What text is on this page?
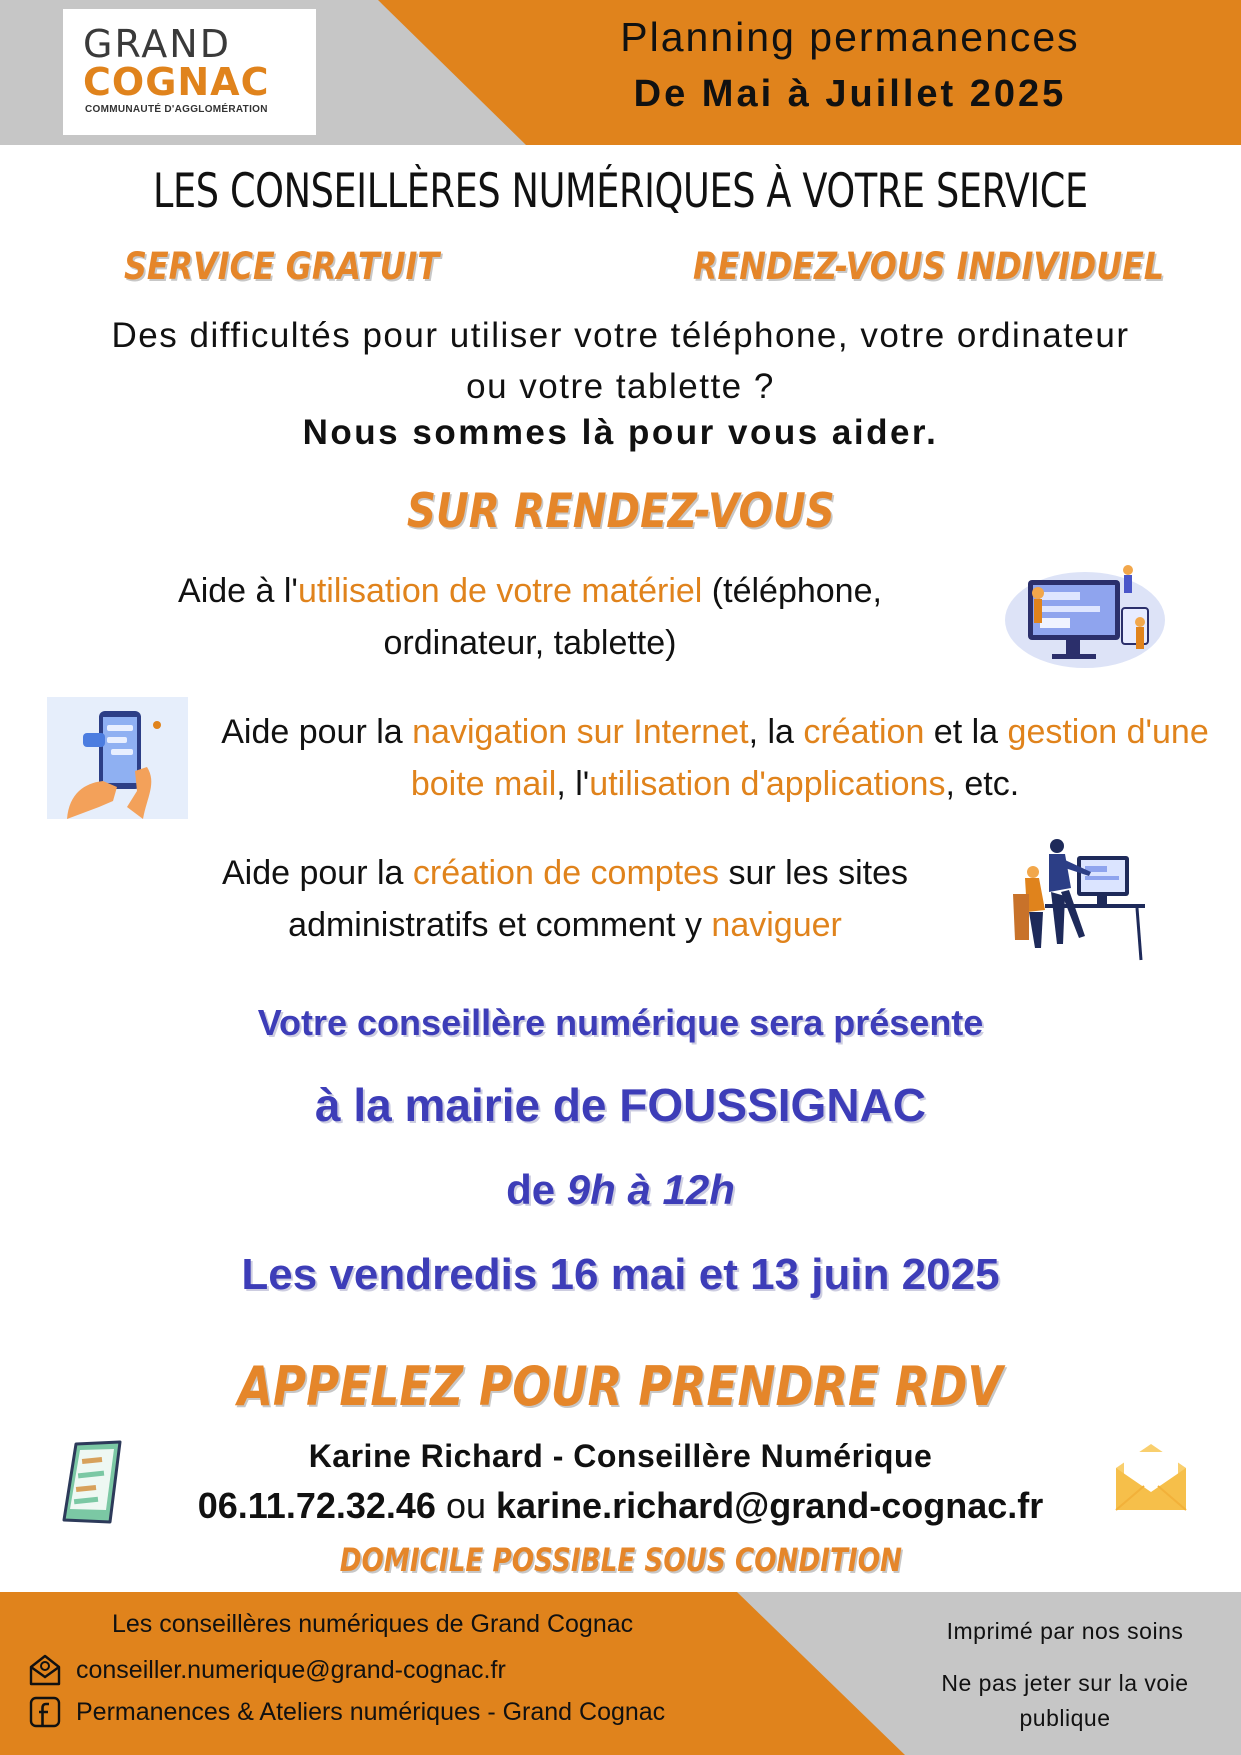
GRAND
COGNAC
COMMUNAUTÉ D'AGGLOMÉRATION
Planning permanences
De Mai à Juillet 2025
LES CONSEILLÈRES NUMÉRIQUES À VOTRE SERVICE
SERVICE GRATUIT	RENDEZ-VOUS INDIVIDUEL
Des difficultés pour utiliser votre téléphone, votre ordinateur
ou votre tablette ?
Nous sommes là pour vous aider.
SUR RENDEZ-VOUS
Aide à l'utilisation de votre matériel (téléphone, ordinateur, tablette)
Aide pour la navigation sur Internet, la création et la gestion d'une boite mail, l'utilisation d'applications, etc.
Aide pour la création de comptes sur les sites administratifs et comment y naviguer
Votre conseillère numérique sera présente
à la mairie de FOUSSIGNAC
de 9h à 12h
Les vendredis 16 mai et 13 juin 2025
APPELEZ POUR PRENDRE RDV
Karine Richard - Conseillère Numérique
06.11.72.32.46 ou karine.richard@grand-cognac.fr
DOMICILE POSSIBLE SOUS CONDITION
Les conseillères numériques de Grand Cognac
conseiller.numerique@grand-cognac.fr
Permanences & Ateliers numériques - Grand Cognac
Imprimé par nos soins
Ne pas jeter sur la voie publique
